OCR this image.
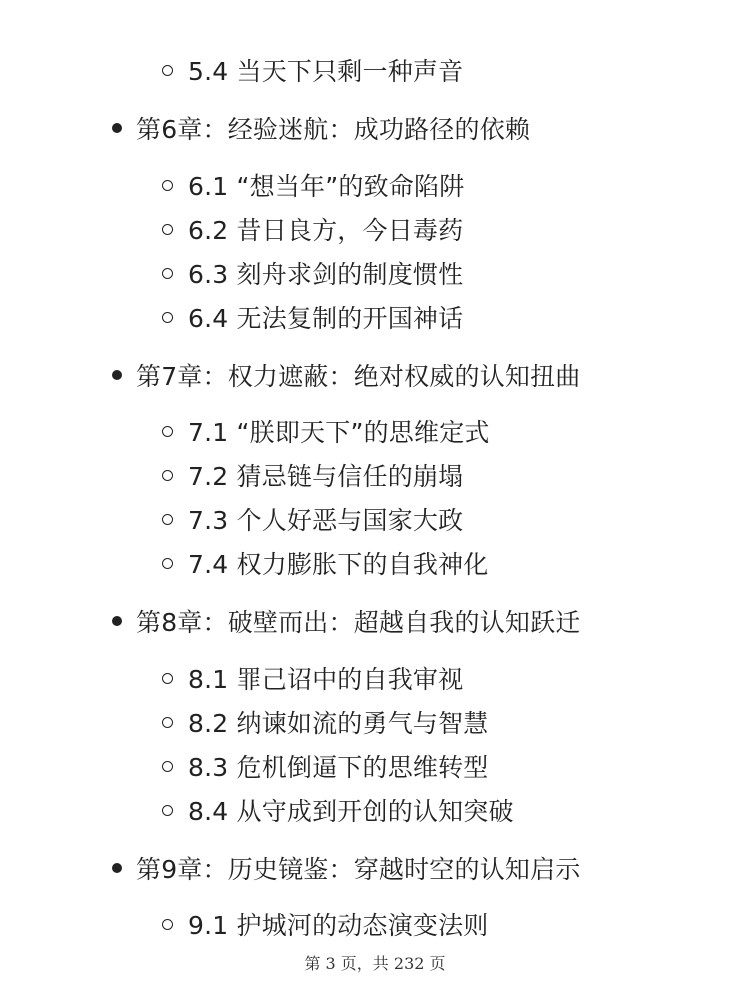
5.4 当天下只剩一种声音
第6章：经验迷航：成功路径的依赖
6.1 “想当年”的致命陷阱
6.2 昔日良方，今日毒药
6.3 刻舟求剑的制度惯性
6.4 无法复制的开国神话
第7章：权力遮蔽：绝对权威的认知扭曲
7.1 “朕即天下”的思维定式
7.2 猜忌链与信任的崩塌
7.3 个人好恶与国家大政
7.4 权力膨胀下的自我神化
第8章：破壁而出：超越自我的认知跃迁
8.1 罪己诏中的自我审视
8.2 纳谏如流的勇气与智慧
8.3 危机倒逼下的思维转型
8.4 从守成到开创的认知突破
第9章：历史镜鉴：穿越时空的认知启示
9.1 护城河的动态演变法则
第 3 页，共 232 页
